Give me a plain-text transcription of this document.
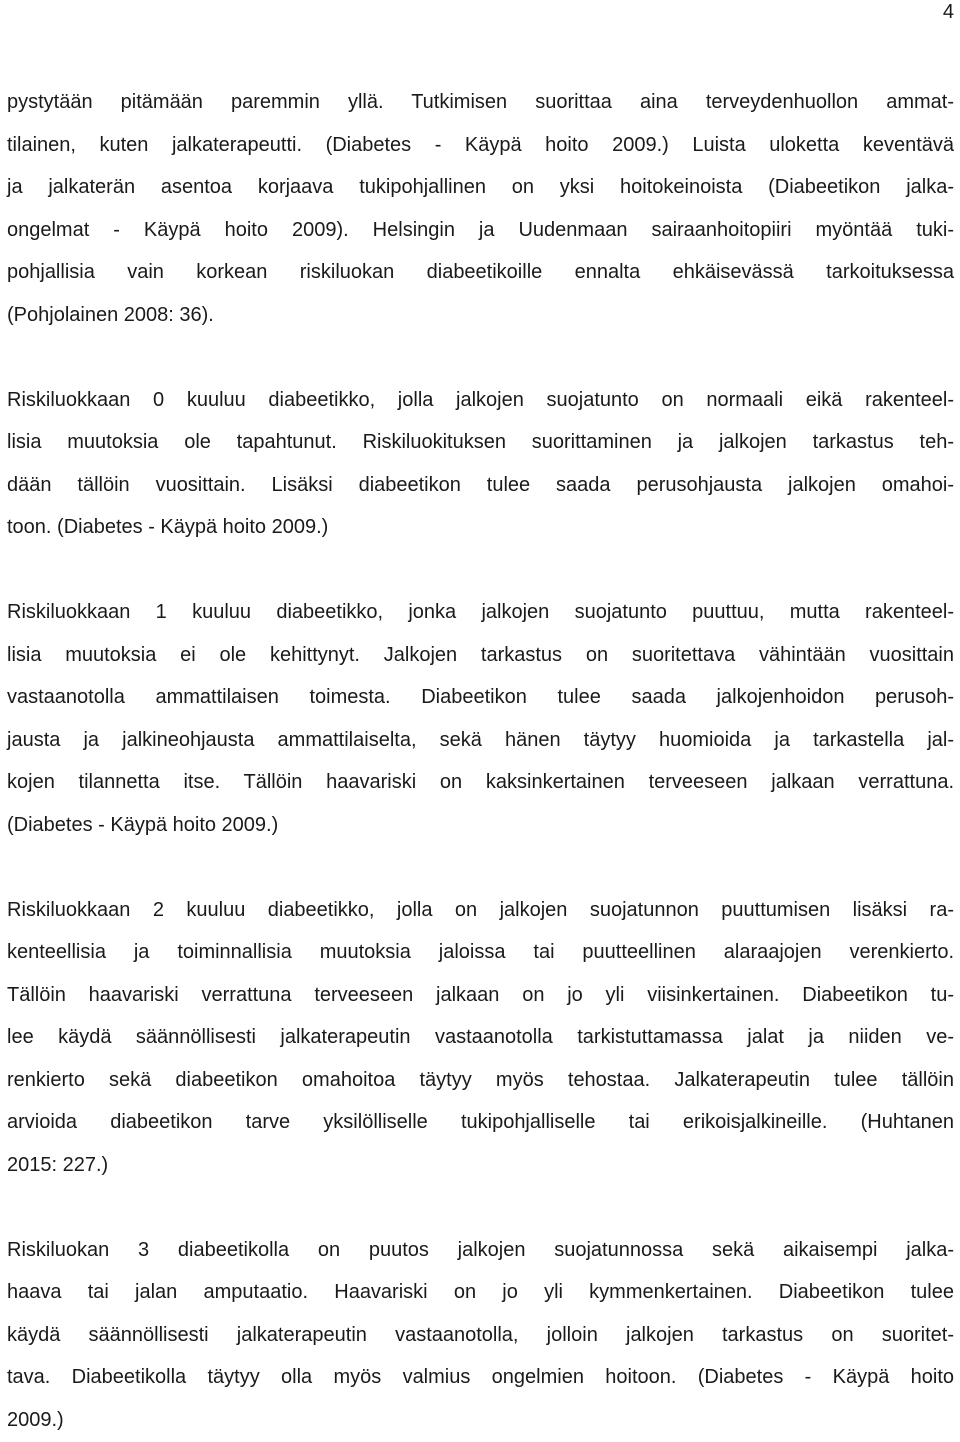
4

pystytään pitämään paremmin yllä. Tutkimisen suorittaa aina terveydenhuollon ammat-
tilainen, kuten jalkaterapeutti. (Diabetes - Käypä hoito 2009.) Luista uloketta keventävä
ja jalkaterän asentoa korjaava tukipohjallinen on yksi hoitokeinoista (Diabeetikon jalka-
ongelmat - Käypä hoito 2009). Helsingin ja Uudenmaan sairaanhoitopiiri myöntää tuki-
pohjallisia vain korkean riskiluokan diabeetikoille ennalta ehkäisevässä tarkoituksessa
(Pohjolainen 2008: 36).

Riskiluokkaan 0 kuuluu diabeetikko, jolla jalkojen suojatunto on normaali eikä rakenteel-
lisia muutoksia ole tapahtunut. Riskiluokituksen suorittaminen ja jalkojen tarkastus teh-
dään tällöin vuosittain. Lisäksi diabeetikon tulee saada perusohjausta jalkojen omahoi-
toon. (Diabetes - Käypä hoito 2009.)

Riskiluokkaan 1 kuuluu diabeetikko, jonka jalkojen suojatunto puuttuu, mutta rakenteel-
lisia muutoksia ei ole kehittynyt. Jalkojen tarkastus on suoritettava vähintään vuosittain
vastaanotolla ammattilaisen toimesta. Diabeetikon tulee saada jalkojenhoidon perusoh-
jausta ja jalkineohjausta ammattilaiselta, sekä hänen täytyy huomioida ja tarkastella jal-
kojen tilannetta itse. Tällöin haavariski on kaksinkertainen terveeseen jalkaan verrattuna.
(Diabetes - Käypä hoito 2009.)

Riskiluokkaan 2 kuuluu diabeetikko, jolla on jalkojen suojatunnon puuttumisen lisäksi ra-
kenteellisia ja toiminnallisia muutoksia jaloissa tai puutteellinen alaraajojen verenkierto.
Tällöin haavariski verrattuna terveeseen jalkaan on jo yli viisinkertainen. Diabeetikon tu-
lee käydä säännöllisesti jalkaterapeutin vastaanotolla tarkistuttamassa jalat ja niiden ve-
renkierto sekä diabeetikon omahoitoa täytyy myös tehostaa. Jalkaterapeutin tulee tällöin
arvioida diabeetikon tarve yksilölliselle tukipohjalliselle tai erikoisjalkineille. (Huhtanen
2015: 227.)

Riskiluokan 3 diabeetikolla on puutos jalkojen suojatunnossa sekä aikaisempi jalka-
haava tai jalan amputaatio. Haavariski on jo yli kymmenkertainen. Diabeetikon tulee
käydä säännöllisesti jalkaterapeutin vastaanotolla, jolloin jalkojen tarkastus on suoritet-
tava. Diabeetikolla täytyy olla myös valmius ongelmien hoitoon. (Diabetes - Käypä hoito
2009.)
